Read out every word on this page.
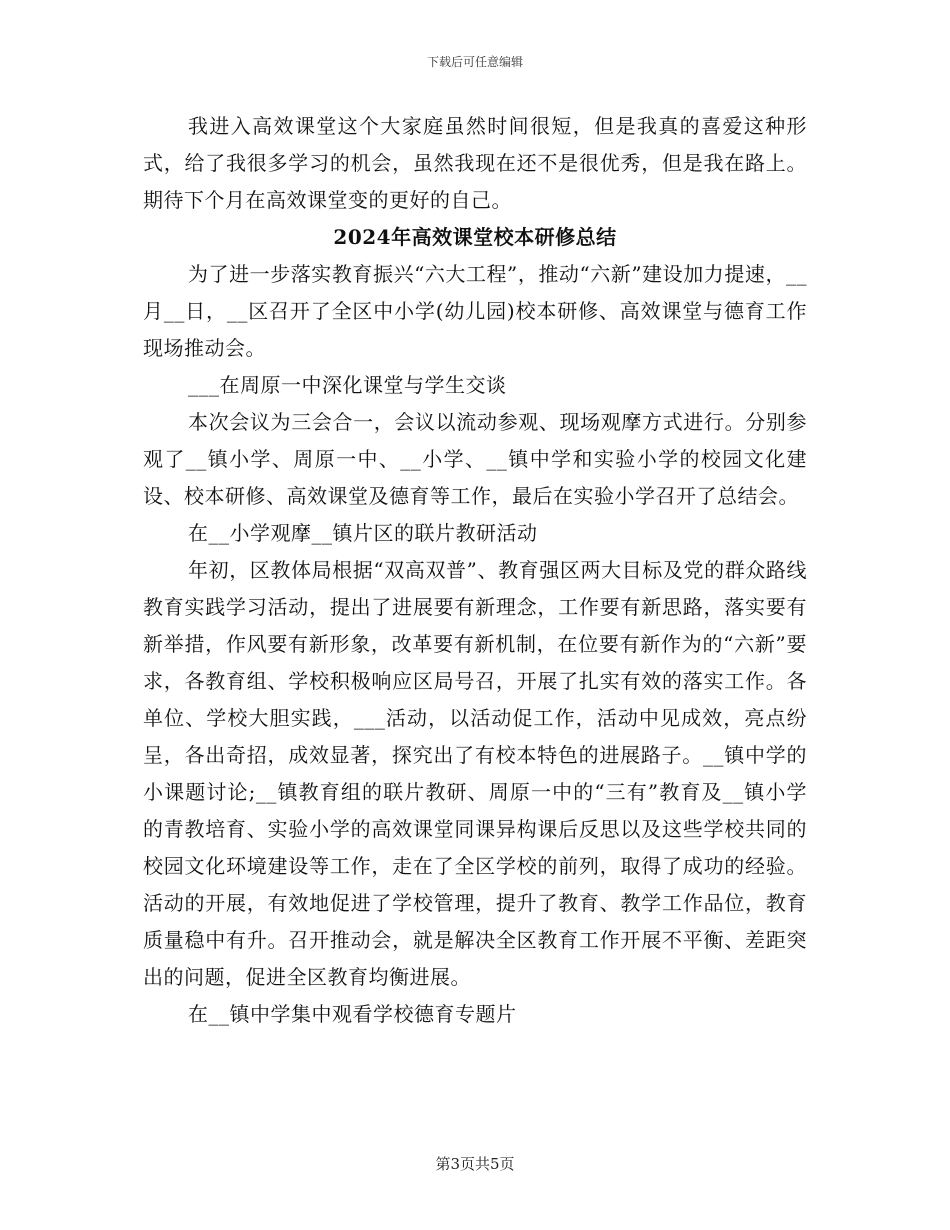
下载后可任意编辑

我进入高效课堂这个大家庭虽然时间很短，但是我真的喜爱这种形式，给了我很多学习的机会，虽然我现在还不是很优秀，但是我在路上。期待下个月在高效课堂变的更好的自己。

2024年高效课堂校本研修总结

为了进一步落实教育振兴“六大工程”，推动“六新”建设加力提速，__月__日，__区召开了全区中小学(幼儿园)校本研修、高效课堂与德育工作现场推动会。

___在周原一中深化课堂与学生交谈

本次会议为三会合一，会议以流动参观、现场观摩方式进行。分别参观了__镇小学、周原一中、__小学、__镇中学和实验小学的校园文化建设、校本研修、高效课堂及德育等工作，最后在实验小学召开了总结会。

在__小学观摩__镇片区的联片教研活动

年初，区教体局根据“双高双普”、教育强区两大目标及党的群众路线教育实践学习活动，提出了进展要有新理念，工作要有新思路，落实要有新举措，作风要有新形象，改革要有新机制，在位要有新作为的“六新”要求，各教育组、学校积极响应区局号召，开展了扎实有效的落实工作。各单位、学校大胆实践，___活动，以活动促工作，活动中见成效，亮点纷呈，各出奇招，成效显著，探究出了有校本特色的进展路子。__镇中学的小课题讨论;__镇教育组的联片教研、周原一中的“三有”教育及__镇小学的青教培育、实验小学的高效课堂同课异构课后反思以及这些学校共同的校园文化环境建设等工作，走在了全区学校的前列，取得了成功的经验。活动的开展，有效地促进了学校管理，提升了教育、教学工作品位，教育质量稳中有升。召开推动会，就是解决全区教育工作开展不平衡、差距突出的问题，促进全区教育均衡进展。

在__镇中学集中观看学校德育专题片

第3页共5页
